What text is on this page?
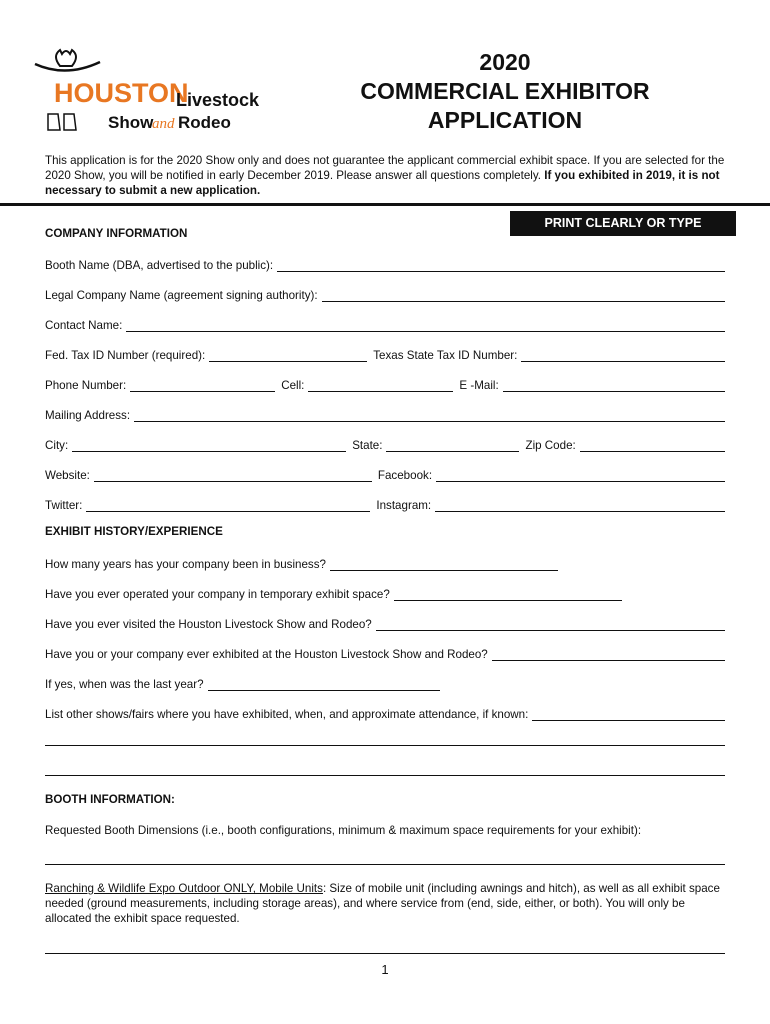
HOUSTON
Livestock
Show
and Rodeo
2020
COMMERCIAL EXHIBITOR
APPLICATION
This application is for the 2020 Show only and does not guarantee the applicant commercial exhibit space. If you are selected for the 2020 Show, you will be notified in early December 2019. Please answer all questions completely. If you exhibited in 2019, it is not necessary to submit a new application.
PRINT CLEARLY OR TYPE
COMPANY INFORMATION
Booth Name (DBA, advertised to the public):
Legal Company Name (agreement signing authority):
Contact Name:
Fed. Tax ID Number (required):	Texas State Tax ID Number:
Phone Number:	Cell:	E -Mail:
Mailing Address:
City:	State:	Zip Code:
Website:	Facebook:
Twitter:	Instagram:
EXHIBIT HISTORY/EXPERIENCE
How many years has your company been in business?
Have you ever operated your company in temporary exhibit space?
Have you ever visited the Houston Livestock Show and Rodeo?
Have you or your company ever exhibited at the Houston Livestock Show and Rodeo?
If yes, when was the last year?
List other shows/fairs where you have exhibited, when, and approximate attendance, if known:
BOOTH INFORMATION:
Requested Booth Dimensions (i.e., booth configurations, minimum & maximum space requirements for your exhibit):
Ranching & Wildlife Expo Outdoor ONLY, Mobile Units: Size of mobile unit (including awnings and hitch), as well as all exhibit space needed (ground measurements, including storage areas), and where service from (end, side, either, or both). You will only be allocated the exhibit space requested.
1
